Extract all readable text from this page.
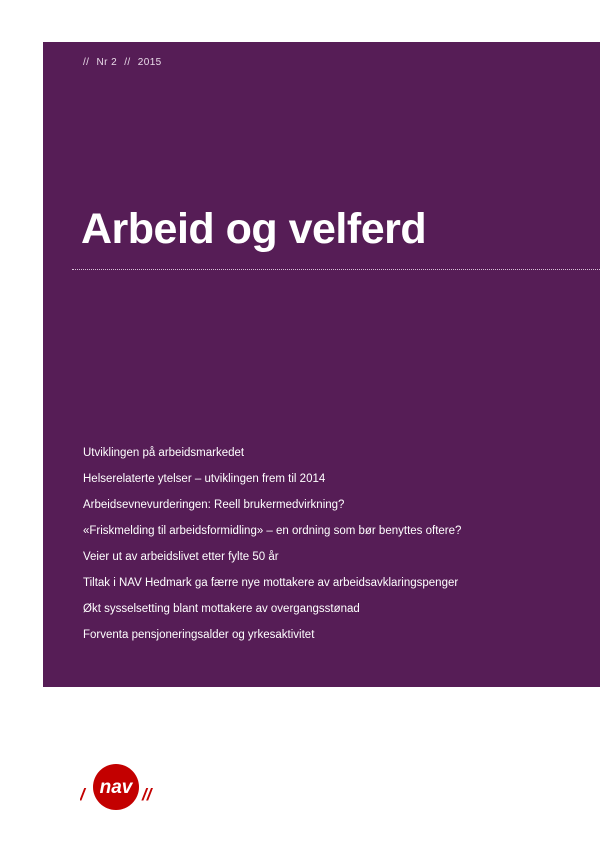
// Nr 2 // 2015
Arbeid og velferd
Utviklingen på arbeidsmarkedet
Helserelaterte ytelser – utviklingen frem til 2014
Arbeidsevnevurderingen: Reell brukermedvirkning?
«Friskmelding til arbeidsformidling» – en ordning som bør benyttes oftere?
Veier ut av arbeidslivet etter fylte 50 år
Tiltak i NAV Hedmark ga færre nye mottakere av arbeidsavklaringspenger
Økt sysselsetting blant mottakere av overgangsstønad
Forventa pensjoneringsalder og yrkesaktivitet
/ nav //
